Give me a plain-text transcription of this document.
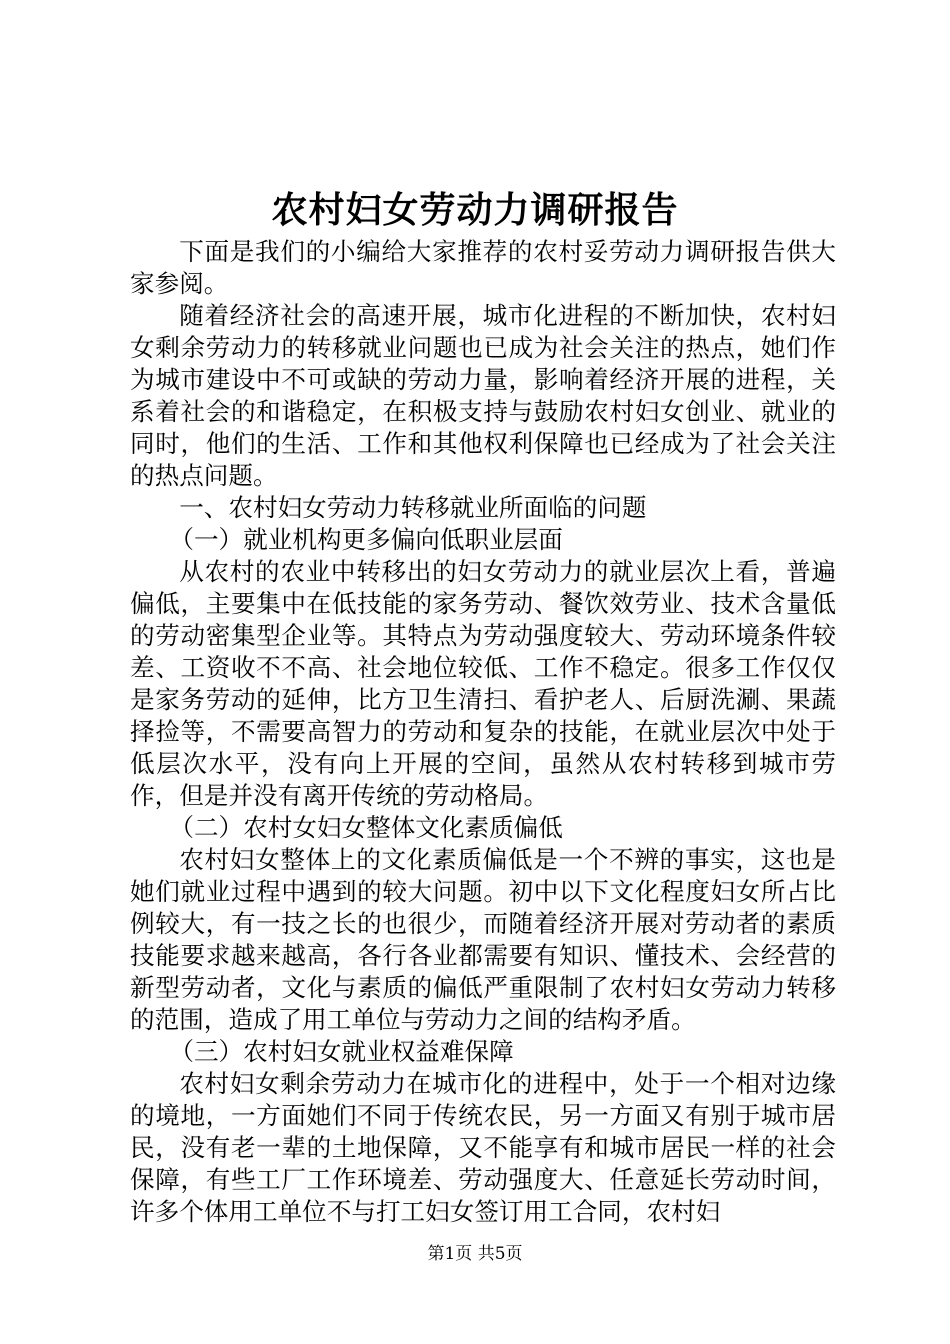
农村妇女劳动力调研报告

下面是我们的小编给大家推荐的农村妥劳动力调研报告供大家参阅。

随着经济社会的高速开展，城市化进程的不断加快，农村妇女剩余劳动力的转移就业问题也已成为社会关注的热点，她们作为城市建设中不可或缺的劳动力量，影响着经济开展的进程，关系着社会的和谐稳定，在积极支持与鼓励农村妇女创业、就业的同时，他们的生活、工作和其他权利保障也已经成为了社会关注的热点问题。

一、农村妇女劳动力转移就业所面临的问题

（一）就业机构更多偏向低职业层面

从农村的农业中转移出的妇女劳动力的就业层次上看，普遍偏低，主要集中在低技能的家务劳动、餐饮效劳业、技术含量低的劳动密集型企业等。其特点为劳动强度较大、劳动环境条件较差、工资收不不高、社会地位较低、工作不稳定。很多工作仅仅是家务劳动的延伸，比方卫生清扫、看护老人、后厨洗涮、果蔬择捡等，不需要高智力的劳动和复杂的技能，在就业层次中处于低层次水平，没有向上开展的空间，虽然从农村转移到城市劳作，但是并没有离开传统的劳动格局。

（二）农村女妇女整体文化素质偏低

农村妇女整体上的文化素质偏低是一个不辨的事实，这也是她们就业过程中遇到的较大问题。初中以下文化程度妇女所占比例较大，有一技之长的也很少，而随着经济开展对劳动者的素质技能要求越来越高，各行各业都需要有知识、懂技术、会经营的新型劳动者，文化与素质的偏低严重限制了农村妇女劳动力转移的范围，造成了用工单位与劳动力之间的结构矛盾。

（三）农村妇女就业权益难保障

农村妇女剩余劳动力在城市化的进程中，处于一个相对边缘的境地，一方面她们不同于传统农民，另一方面又有别于城市居民，没有老一辈的土地保障，又不能享有和城市居民一样的社会保障，有些工厂工作环境差、劳动强度大、任意延长劳动时间，许多个体用工单位不与打工妇女签订用工合同，农村妇

第1页 共5页
